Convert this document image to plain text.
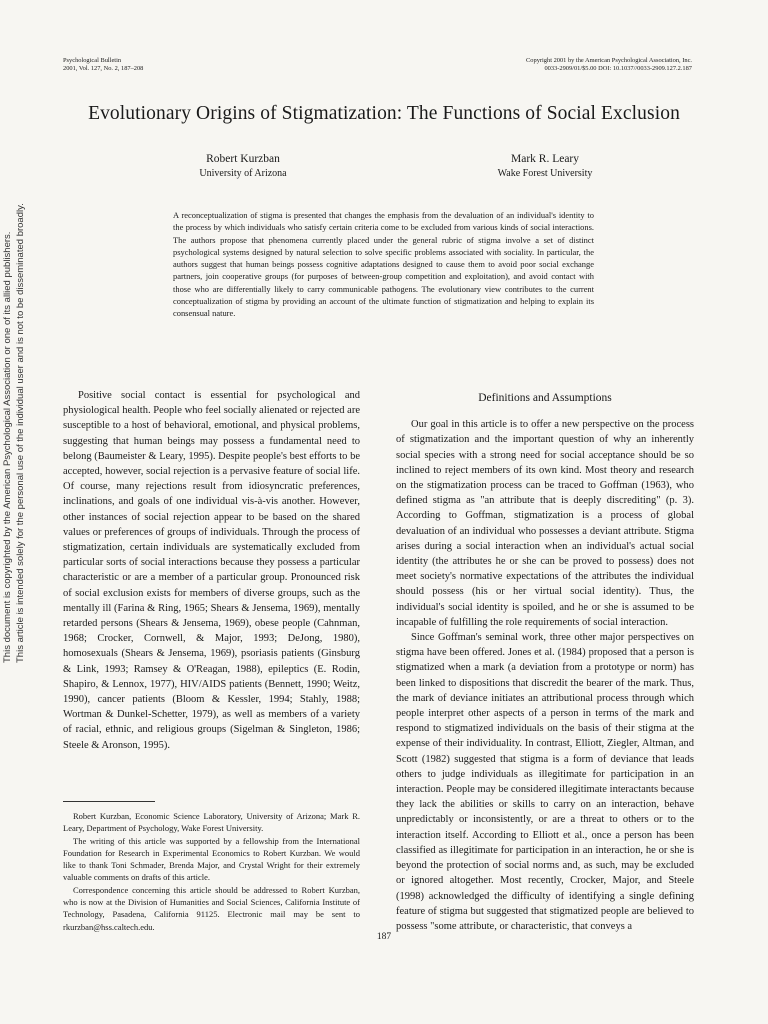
This document is copyrighted by the American Psychological Association or one of its allied publishers. This article is intended solely for the personal use of the individual user and is not to be disseminated broadly.
Psychological Bulletin
2001, Vol. 127, No. 2, 187–208
Copyright 2001 by the American Psychological Association, Inc.
0033-2909/01/$5.00 DOI: 10.1037//0033-2909.127.2.187
Evolutionary Origins of Stigmatization: The Functions of Social Exclusion
Robert Kurzban
University of Arizona
Mark R. Leary
Wake Forest University

A reconceptualization of stigma is presented that changes the emphasis from the devaluation of an individual's identity to the process by which individuals who satisfy certain criteria come to be excluded from various kinds of social interactions. The authors propose that phenomena currently placed under the general rubric of stigma involve a set of distinct psychological systems designed by natural selection to solve specific problems associated with sociality. In particular, the authors suggest that human beings possess cognitive adaptations designed to cause them to avoid poor social exchange partners, join cooperative groups (for purposes of between-group competition and exploitation), and avoid contact with those who are differentially likely to carry communicable pathogens. The evolutionary view contributes to the current conceptualization of stigma by providing an account of the ultimate function of stigmatization and helping to explain its consensual nature.

Positive social contact is essential for psychological and physiological health. People who feel socially alienated or rejected are susceptible to a host of behavioral, emotional, and physical problems, suggesting that human beings may possess a fundamental need to belong (Baumeister & Leary, 1995). Despite people's best efforts to be accepted, however, social rejection is a pervasive feature of social life. Of course, many rejections result from idiosyncratic preferences, inclinations, and goals of one individual vis-à-vis another. However, other instances of social rejection appear to be based on the shared values or preferences of groups of individuals. Through the process of stigmatization, certain individuals are systematically excluded from particular sorts of social interactions because they possess a particular characteristic or are a member of a particular group. Pronounced risk of social exclusion exists for members of diverse groups, such as the mentally ill (Farina & Ring, 1965; Shears & Jensema, 1969), mentally retarded persons (Shears & Jensema, 1969), obese people (Cahnman, 1968; Crocker, Cornwell, & Major, 1993; DeJong, 1980), homosexuals (Shears & Jensema, 1969), psoriasis patients (Ginsburg & Link, 1993; Ramsey & O'Reagan, 1988), epileptics (E. Rodin, Shapiro, & Lennox, 1977), HIV/AIDS patients (Bennett, 1990; Weitz, 1990), cancer patients (Bloom & Kessler, 1994; Stahly, 1988; Wortman & Dunkel-Schetter, 1979), as well as members of a variety of racial, ethnic, and religious groups (Sigelman & Singleton, 1986; Steele & Aronson, 1995).

Robert Kurzban, Economic Science Laboratory, University of Arizona; Mark R. Leary, Department of Psychology, Wake Forest University.

The writing of this article was supported by a fellowship from the International Foundation for Research in Experimental Economics to Robert Kurzban. We would like to thank Toni Schmader, Brenda Major, and Crystal Wright for their extremely valuable comments on drafts of this article.

Correspondence concerning this article should be addressed to Robert Kurzban, who is now at the Division of Humanities and Social Sciences, California Institute of Technology, Pasadena, California 91125. Electronic mail may be sent to rkurzban@hss.caltech.edu.

Definitions and Assumptions

Our goal in this article is to offer a new perspective on the process of stigmatization and the important question of why an inherently social species with a strong need for social acceptance should be so inclined to reject members of its own kind. Most theory and research on the stigmatization process can be traced to Goffman (1963), who defined stigma as "an attribute that is deeply discrediting" (p. 3). According to Goffman, stigmatization is a process of global devaluation of an individual who possesses a deviant attribute. Stigma arises during a social interaction when an individual's actual social identity (the attributes he or she can be proved to possess) does not meet society's normative expectations of the attributes the individual should possess (his or her virtual social identity). Thus, the individual's social identity is spoiled, and he or she is assumed to be incapable of fulfilling the role requirements of social interaction.

Since Goffman's seminal work, three other major perspectives on stigma have been offered. Jones et al. (1984) proposed that a person is stigmatized when a mark (a deviation from a prototype or norm) has been linked to dispositions that discredit the bearer of the mark. Thus, the mark of deviance initiates an attributional process through which people interpret other aspects of a person in terms of the mark and respond to stigmatized individuals on the basis of their stigma at the expense of their individuality. In contrast, Elliott, Ziegler, Altman, and Scott (1982) suggested that stigma is a form of deviance that leads others to judge individuals as illegitimate for participation in an interaction. People may be considered illegitimate interactants because they lack the abilities or skills to carry on an interaction, behave unpredictably or inconsistently, or are a threat to others or to the interaction itself. According to Elliott et al., once a person has been classified as illegitimate for participation in an interaction, he or she is beyond the protection of social norms and, as such, may be excluded or ignored altogether. Most recently, Crocker, Major, and Steele (1998) acknowledged the difficulty of identifying a single defining feature of stigma but suggested that stigmatized people are believed to possess "some attribute, or characteristic, that conveys a

187
